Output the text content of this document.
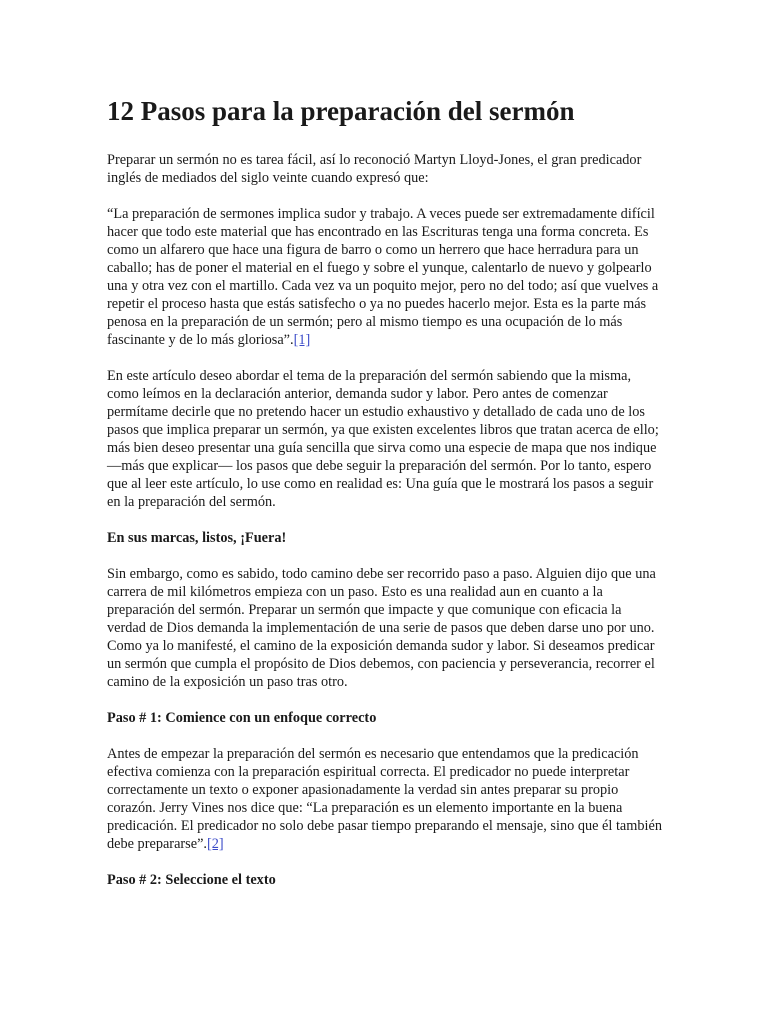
12 Pasos para la preparación del sermón

Preparar un sermón no es tarea fácil, así lo reconoció Martyn Lloyd-Jones, el gran predicador inglés de mediados del siglo veinte cuando expresó que:

“La preparación de sermones implica sudor y trabajo. A veces puede ser extremadamente difícil hacer que todo este material que has encontrado en las Escrituras tenga una forma concreta. Es como un alfarero que hace una figura de barro o como un herrero que hace herradura para un caballo; has de poner el material en el fuego y sobre el yunque, calentarlo de nuevo y golpearlo una y otra vez con el martillo. Cada vez va un poquito mejor, pero no del todo; así que vuelves a repetir el proceso hasta que estás satisfecho o ya no puedes hacerlo mejor. Esta es la parte más penosa en la preparación de un sermón; pero al mismo tiempo es una ocupación de lo más fascinante y de lo más gloriosa”.[1]

En este artículo deseo abordar el tema de la preparación del sermón sabiendo que la misma, como leímos en la declaración anterior, demanda sudor y labor. Pero antes de comenzar permítame decirle que no pretendo hacer un estudio exhaustivo y detallado de cada uno de los pasos que implica preparar un sermón, ya que existen excelentes libros que tratan acerca de ello; más bien deseo presentar una guía sencilla que sirva como una especie de mapa que nos indique —más que explicar— los pasos que debe seguir la preparación del sermón. Por lo tanto, espero que al leer este artículo, lo use como en realidad es: Una guía que le mostrará los pasos a seguir en la preparación del sermón.

En sus marcas, listos, ¡Fuera!

Sin embargo, como es sabido, todo camino debe ser recorrido paso a paso. Alguien dijo que una carrera de mil kilómetros empieza con un paso. Esto es una realidad aun en cuanto a la preparación del sermón. Preparar un sermón que impacte y que comunique con eficacia la verdad de Dios demanda la implementación de una serie de pasos que deben darse uno por uno. Como ya lo manifesté, el camino de la exposición demanda sudor y labor. Si deseamos predicar un sermón que cumpla el propósito de Dios debemos, con paciencia y perseverancia, recorrer el camino de la exposición un paso tras otro.

Paso # 1: Comience con un enfoque correcto

Antes de empezar la preparación del sermón es necesario que entendamos que la predicación efectiva comienza con la preparación espiritual correcta. El predicador no puede interpretar correctamente un texto o exponer apasionadamente la verdad sin antes preparar su propio corazón. Jerry Vines nos dice que: “La preparación es un elemento importante en la buena predicación. El predicador no solo debe pasar tiempo preparando el mensaje, sino que él también debe prepararse”.[2]

Paso # 2: Seleccione el texto
